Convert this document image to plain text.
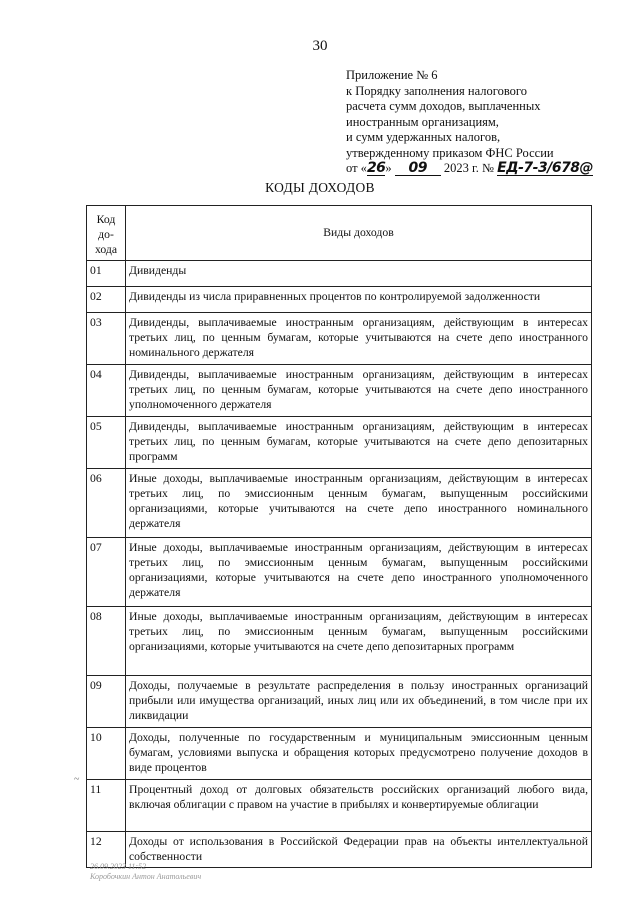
30
Приложение № 6
к Порядку заполнения налогового
расчета сумм доходов, выплаченных
иностранным организациям,
и сумм удержанных налогов,
утвержденному приказом ФНС России
от «26» 09 2023 г. № ЕД-7-3/678@
КОДЫ ДОХОДОВ
Код
до-
хода	Виды доходов
01	Дивиденды
02	Дивиденды из числа приравненных процентов по контролируемой задолженности
03	Дивиденды, выплачиваемые иностранным организациям, действующим в интересах третьих лиц, по ценным бумагам, которые учитываются на счете депо иностранного номинального держателя
04	Дивиденды, выплачиваемые иностранным организациям, действующим в интересах третьих лиц, по ценным бумагам, которые учитываются на счете депо иностранного уполномоченного держателя
05	Дивиденды, выплачиваемые иностранным организациям, действующим в интересах третьих лиц, по ценным бумагам, которые учитываются на счете депо депозитарных программ
06	Иные доходы, выплачиваемые иностранным организациям, действующим в интересах третьих лиц, по эмиссионным ценным бумагам, выпущенным российскими организациями, которые учитываются на счете депо иностранного номинального держателя
07	Иные доходы, выплачиваемые иностранным организациям, действующим в интересах третьих лиц, по эмиссионным ценным бумагам, выпущенным российскими организациями, которые учитываются на счете депо иностранного уполномоченного держателя
08	Иные доходы, выплачиваемые иностранным организациям, действующим в интересах третьих лиц, по эмиссионным ценным бумагам, выпущенным российскими организациями, которые учитываются на счете депо депозитарных программ
09	Доходы, получаемые в результате распределения в пользу иностранных организаций прибыли или имущества организаций, иных лиц или их объединений, в том числе при их ликвидации
10	Доходы, полученные по государственным и муниципальным эмиссионным ценным бумагам, условиями выпуска и обращения которых предусмотрено получение доходов в виде процентов
11	Процентный доход от долговых обязательств российских организаций любого вида, включая облигации с правом на участие в прибылях и конвертируемые облигации
12	Доходы от использования в Российской Федерации прав на объекты интеллектуальной собственности
~
26.09.2023 11:52
Коробочкин Антон Анатольевич
